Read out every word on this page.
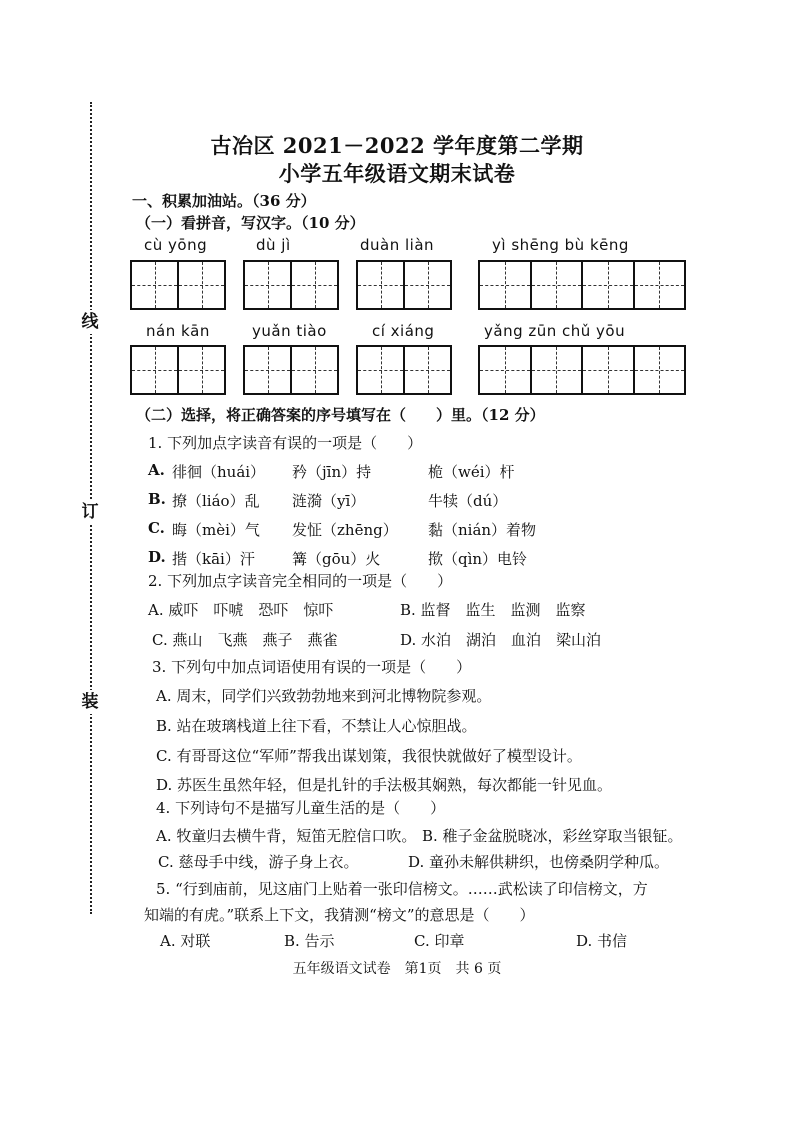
线
订
装
古冶区 2021－2022 学年度第二学期
小学五年级语文期末试卷
一、积累加油站。（36 分）
（一）看拼音，写汉字。（10 分）
cù yōng	dù jì	duàn liàn	yì shēng bù kēng
nán kān	yuǎn tiào	cí xiáng	yǎng zūn chǔ yōu
（二）选择，将正确答案的序号填写在（　　）里。（12 分）
1. 下列加点字读音有误的一项是（　　）
A. 徘徊（huái） 矜（jīn）持	桅（wéi）杆
B. 撩（liáo）乱 涟漪（yī）	牛犊（dú）
C. 晦（mèi）气 发怔（zhēng） 黏（nián）着物
D. 揩（kāi）汗 篝（gōu）火	揿（qìn）电铃
2. 下列加点字读音完全相同的一项是（　　）
A. 威吓　吓唬　恐吓　惊吓	B. 监督　监生　监测　监察
C. 燕山　飞燕　燕子　燕雀	D. 水泊　湖泊　血泊　梁山泊
3. 下列句中加点词语使用有误的一项是（　　）
A. 周末，同学们兴致勃勃地来到河北博物院参观。
B. 站在玻璃栈道上往下看，不禁让人心惊胆战。
C. 有哥哥这位“军师”帮我出谋划策，我很快就做好了模型设计。
D. 苏医生虽然年轻，但是扎针的手法极其娴熟，每次都能一针见血。
4. 下列诗句不是描写儿童生活的是（　　）
A. 牧童归去横牛背，短笛无腔信口吹。 B. 稚子金盆脱晓冰，彩丝穿取当银钲。
C. 慈母手中线，游子身上衣。	D. 童孙未解供耕织，也傍桑阴学种瓜。
5. “行到庙前，见这庙门上贴着一张印信榜文。……武松读了印信榜文，方
知端的有虎。”联系上下文，我猜测“榜文”的意思是（　　）
A. 对联	B. 告示	C. 印章	D. 书信
五年级语文试卷　第1页　共 6 页
